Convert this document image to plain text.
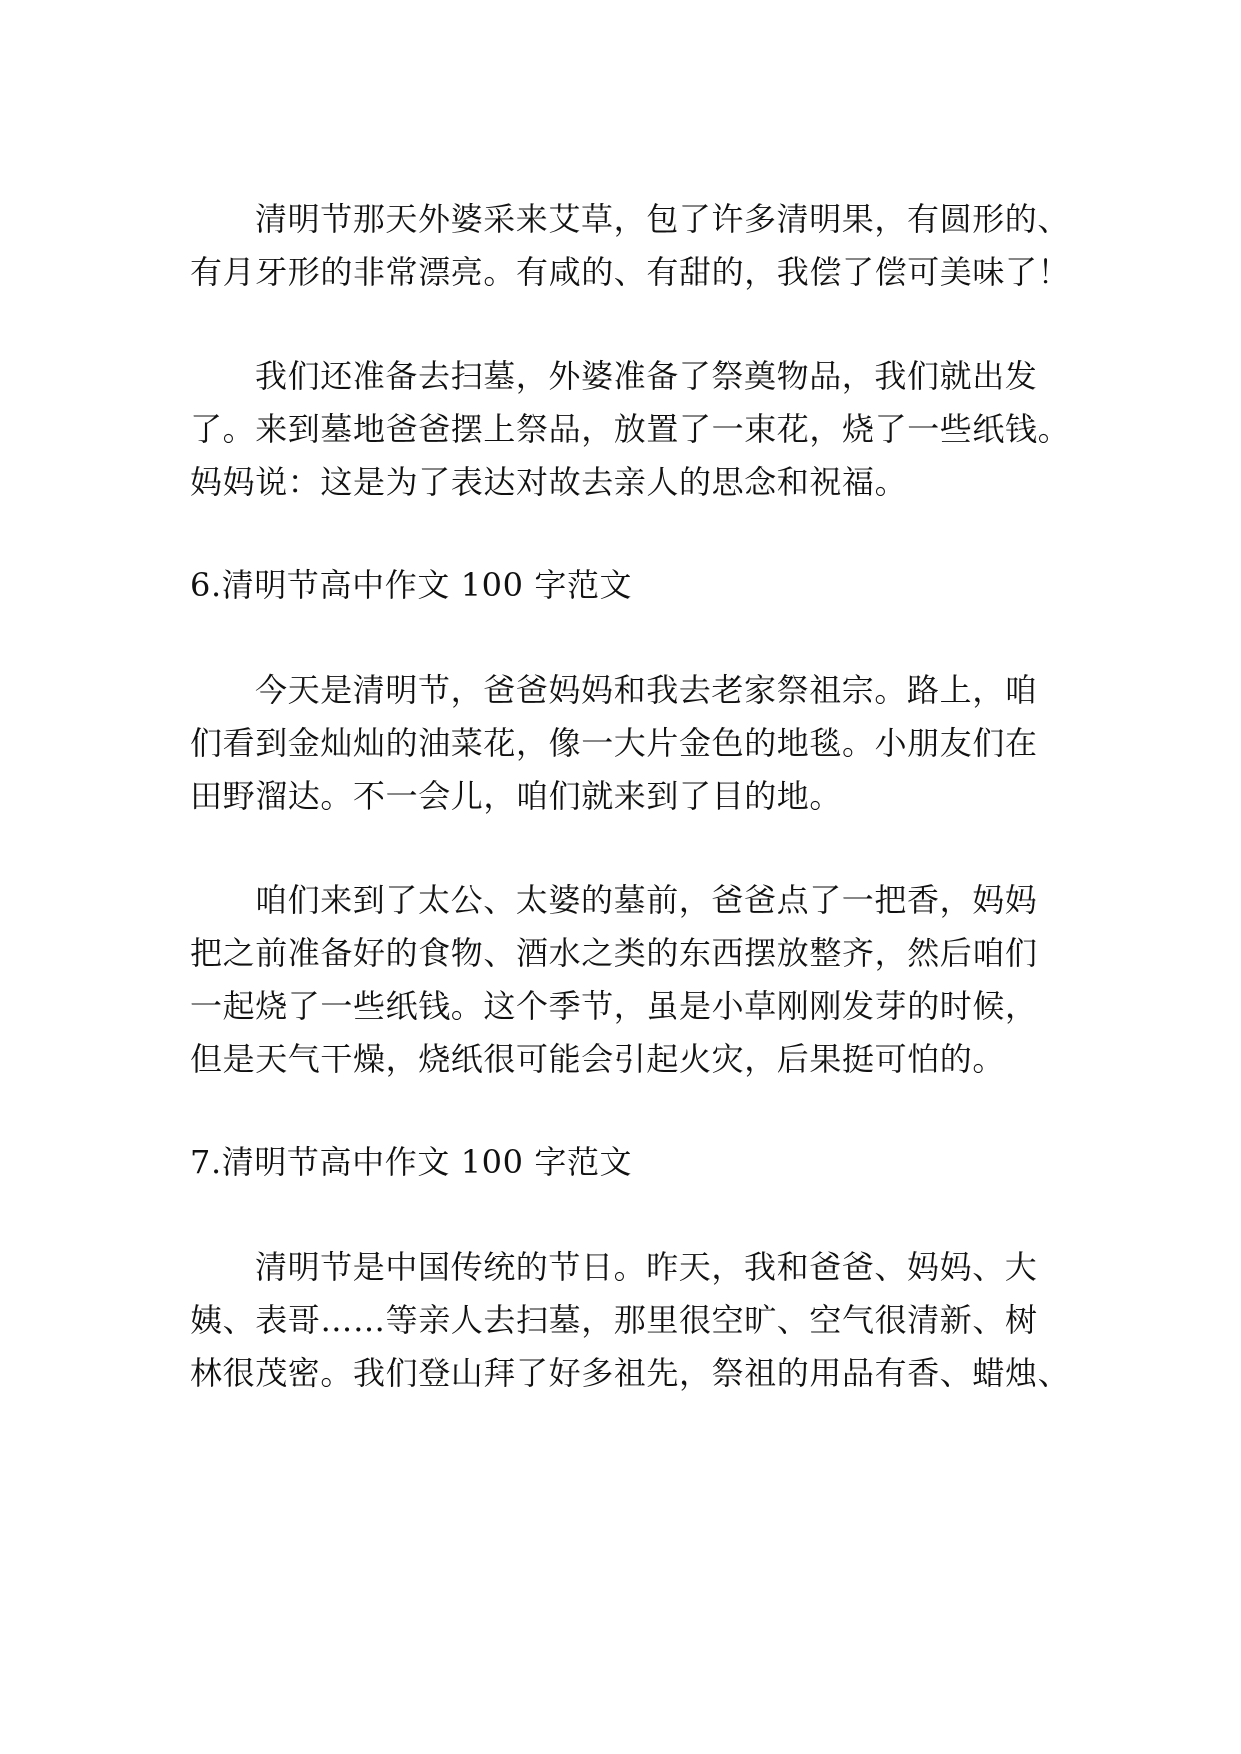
清明节那天外婆采来艾草，包了许多清明果，有圆形的、
有月牙形的非常漂亮。有咸的、有甜的，我偿了偿可美味了！
我们还准备去扫墓，外婆准备了祭奠物品，我们就出发
了。来到墓地爸爸摆上祭品，放置了一束花，烧了一些纸钱。
妈妈说：这是为了表达对故去亲人的思念和祝福。
6.清明节高中作文 100 字范文
今天是清明节，爸爸妈妈和我去老家祭祖宗。路上，咱
们看到金灿灿的油菜花，像一大片金色的地毯。小朋友们在
田野溜达。不一会儿，咱们就来到了目的地。
咱们来到了太公、太婆的墓前，爸爸点了一把香，妈妈
把之前准备好的食物、酒水之类的东西摆放整齐，然后咱们
一起烧了一些纸钱。这个季节，虽是小草刚刚发芽的时候，
但是天气干燥，烧纸很可能会引起火灾，后果挺可怕的。
7.清明节高中作文 100 字范文
清明节是中国传统的节日。昨天，我和爸爸、妈妈、大
姨、表哥……等亲人去扫墓，那里很空旷、空气很清新、树
林很茂密。我们登山拜了好多祖先，祭祖的用品有香、蜡烛、
